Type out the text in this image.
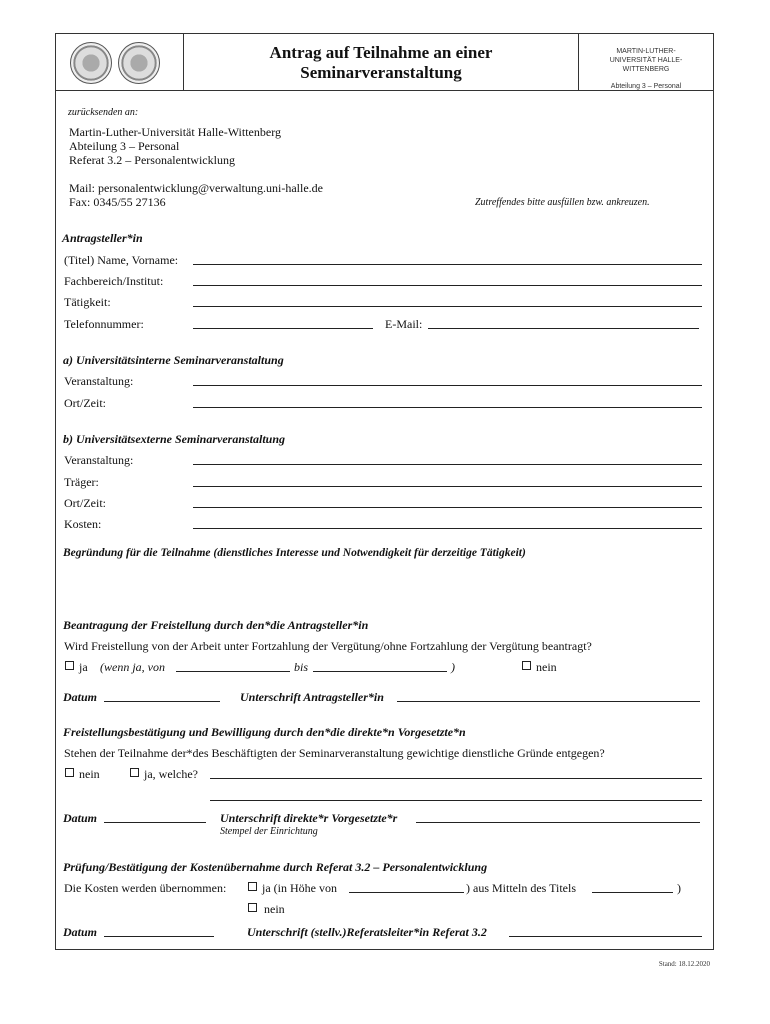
Antrag auf Teilnahme an einer
Seminarveranstaltung
MARTIN-LUTHER-UNIVERSITÄT HALLE-WITTENBERG
Abteilung 3 – Personal
zurücksenden an:
Martin-Luther-Universität Halle-Wittenberg
Abteilung 3 – Personal
Referat 3.2 – Personalentwicklung
Mail: personalentwicklung@verwaltung.uni-halle.de
Fax: 0345/55 27136	Zutreffendes bitte ausfüllen bzw. ankreuzen.
Antragsteller*in
(Titel) Name, Vorname:
Fachbereich/Institut:
Tätigkeit:
Telefonnummer:	E-Mail:
a) Universitätsinterne Seminarveranstaltung
Veranstaltung:
Ort/Zeit:
b) Universitätsexterne Seminarveranstaltung
Veranstaltung:
Träger:
Ort/Zeit:
Kosten:
Begründung für die Teilnahme (dienstliches Interesse und Notwendigkeit für derzeitige Tätigkeit)
Beantragung der Freistellung durch den*die Antragsteller*in
Wird Freistellung von der Arbeit unter Fortzahlung der Vergütung/ohne Fortzahlung der Vergütung beantragt?
ja (wenn ja, von	bis	)	nein
Datum	Unterschrift Antragsteller*in
Freistellungsbestätigung und Bewilligung durch den*die direkte*n Vorgesetzte*n
Stehen der Teilnahme der*des Beschäftigten der Seminarveranstaltung gewichtige dienstliche Gründe entgegen?
nein	ja, welche?
Datum	Unterschrift direkte*r Vorgesetzte*r
Stempel der Einrichtung
Prüfung/Bestätigung der Kostenübernahme durch Referat 3.2 – Personalentwicklung
Die Kosten werden übernommen:	ja (in Höhe von	) aus Mitteln des Titels	)
nein
Datum	Unterschrift (stellv.)Referatsleiter*in Referat 3.2
Stand: 18.12.2020
